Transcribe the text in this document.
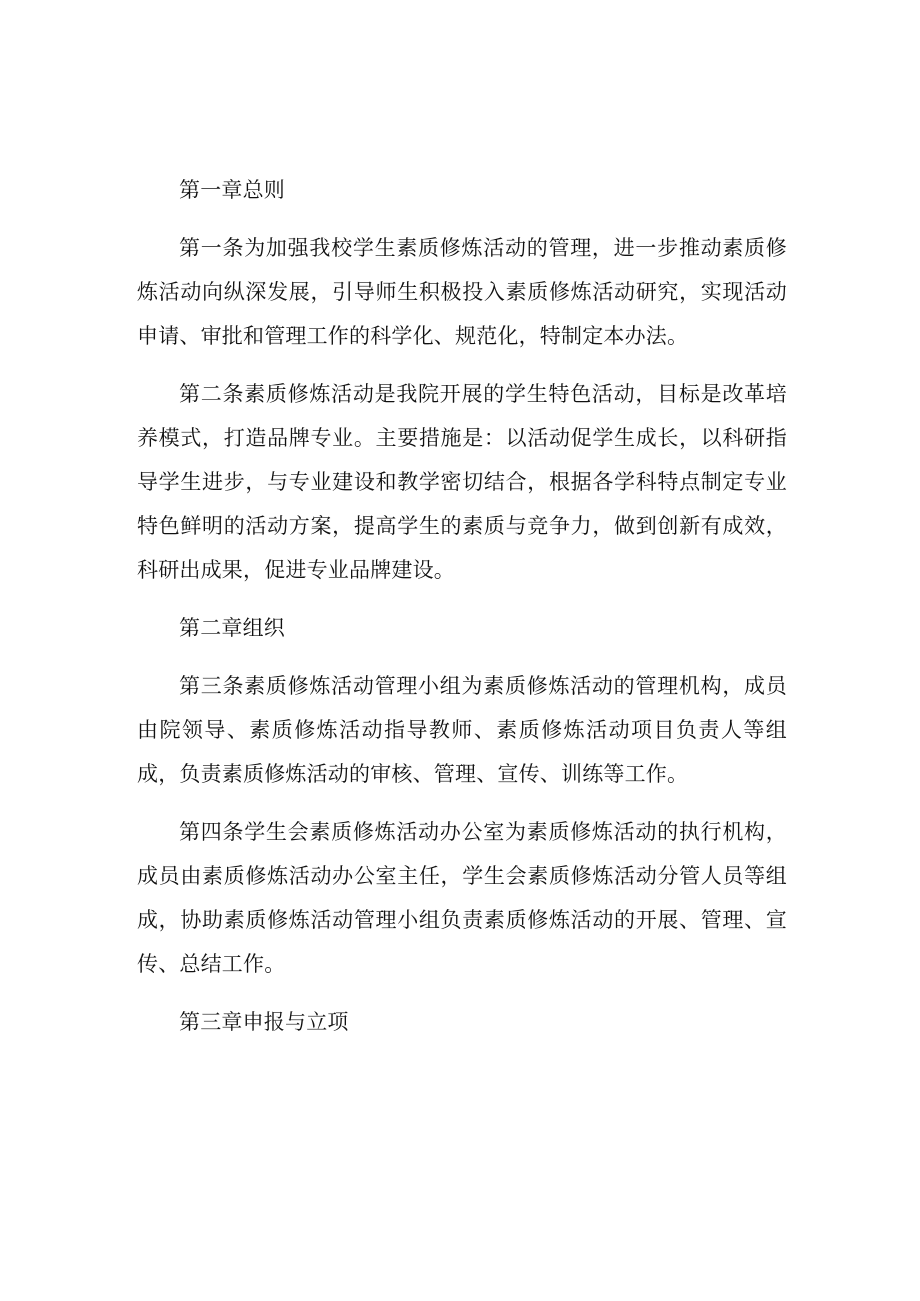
第一章总则

第一条为加强我校学生素质修炼活动的管理，进一步推动素质修炼活动向纵深发展，引导师生积极投入素质修炼活动研究，实现活动申请、审批和管理工作的科学化、规范化，特制定本办法。

第二条素质修炼活动是我院开展的学生特色活动，目标是改革培养模式，打造品牌专业。主要措施是：以活动促学生成长，以科研指导学生进步，与专业建设和教学密切结合，根据各学科特点制定专业特色鲜明的活动方案，提高学生的素质与竞争力，做到创新有成效，科研出成果，促进专业品牌建设。

第二章组织

第三条素质修炼活动管理小组为素质修炼活动的管理机构，成员由院领导、素质修炼活动指导教师、素质修炼活动项目负责人等组成，负责素质修炼活动的审核、管理、宣传、训练等工作。

第四条学生会素质修炼活动办公室为素质修炼活动的执行机构，成员由素质修炼活动办公室主任，学生会素质修炼活动分管人员等组成，协助素质修炼活动管理小组负责素质修炼活动的开展、管理、宣传、总结工作。

第三章申报与立项
